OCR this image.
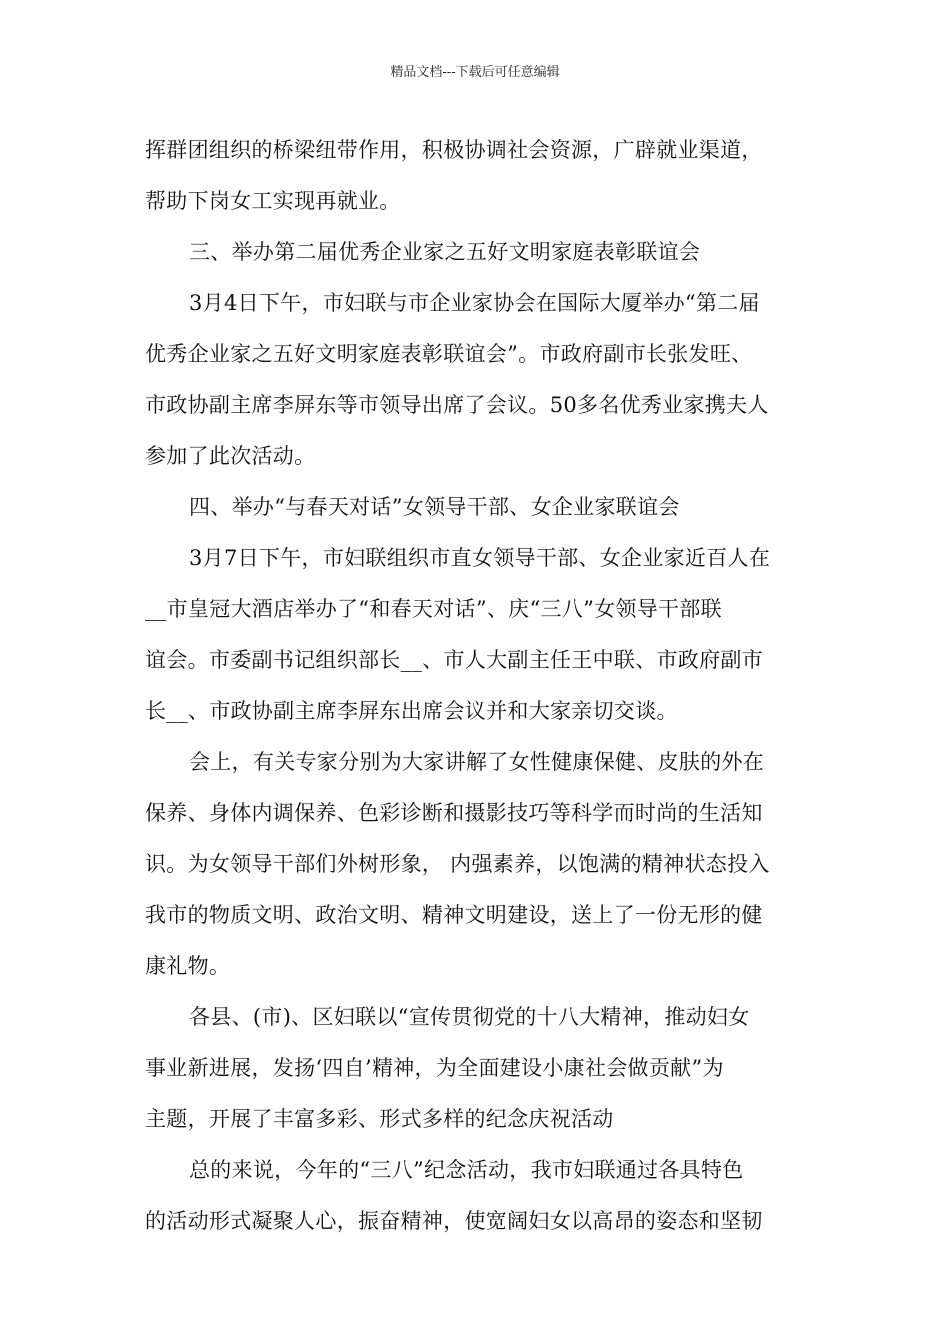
精品文档---下载后可任意编辑

挥群团组织的桥梁纽带作用，积极协调社会资源，广辟就业渠道，
帮助下岗女工实现再就业。

三、举办第二届优秀企业家之五好文明家庭表彰联谊会

3月4日下午，市妇联与市企业家协会在国际大厦举办“第二届
优秀企业家之五好文明家庭表彰联谊会”。市政府副市长张发旺、
市政协副主席李屏东等市领导出席了会议。50多名优秀业家携夫人
参加了此次活动。

四、举办“与春天对话”女领导干部、女企业家联谊会

3月7日下午，市妇联组织市直女领导干部、女企业家近百人在
__市皇冠大酒店举办了“和春天对话”、庆“三八”女领导干部联
谊会。市委副书记组织部长__、市人大副主任王中联、市政府副市
长__、市政协副主席李屏东出席会议并和大家亲切交谈。

会上，有关专家分别为大家讲解了女性健康保健、皮肤的外在
保养、身体内调保养、色彩诊断和摄影技巧等科学而时尚的生活知
识。为女领导干部们外树形象， 内强素养，以饱满的精神状态投入
我市的物质文明、政治文明、精神文明建设，送上了一份无形的健
康礼物。

各县、(市)、区妇联以“宣传贯彻党的十八大精神，推动妇女
事业新进展，发扬‘四自’精神，为全面建设小康社会做贡献”为
主题，开展了丰富多彩、形式多样的纪念庆祝活动

总的来说，今年的“三八”纪念活动，我市妇联通过各具特色
的活动形式凝聚人心，振奋精神，使宽阔妇女以高昂的姿态和坚韧
